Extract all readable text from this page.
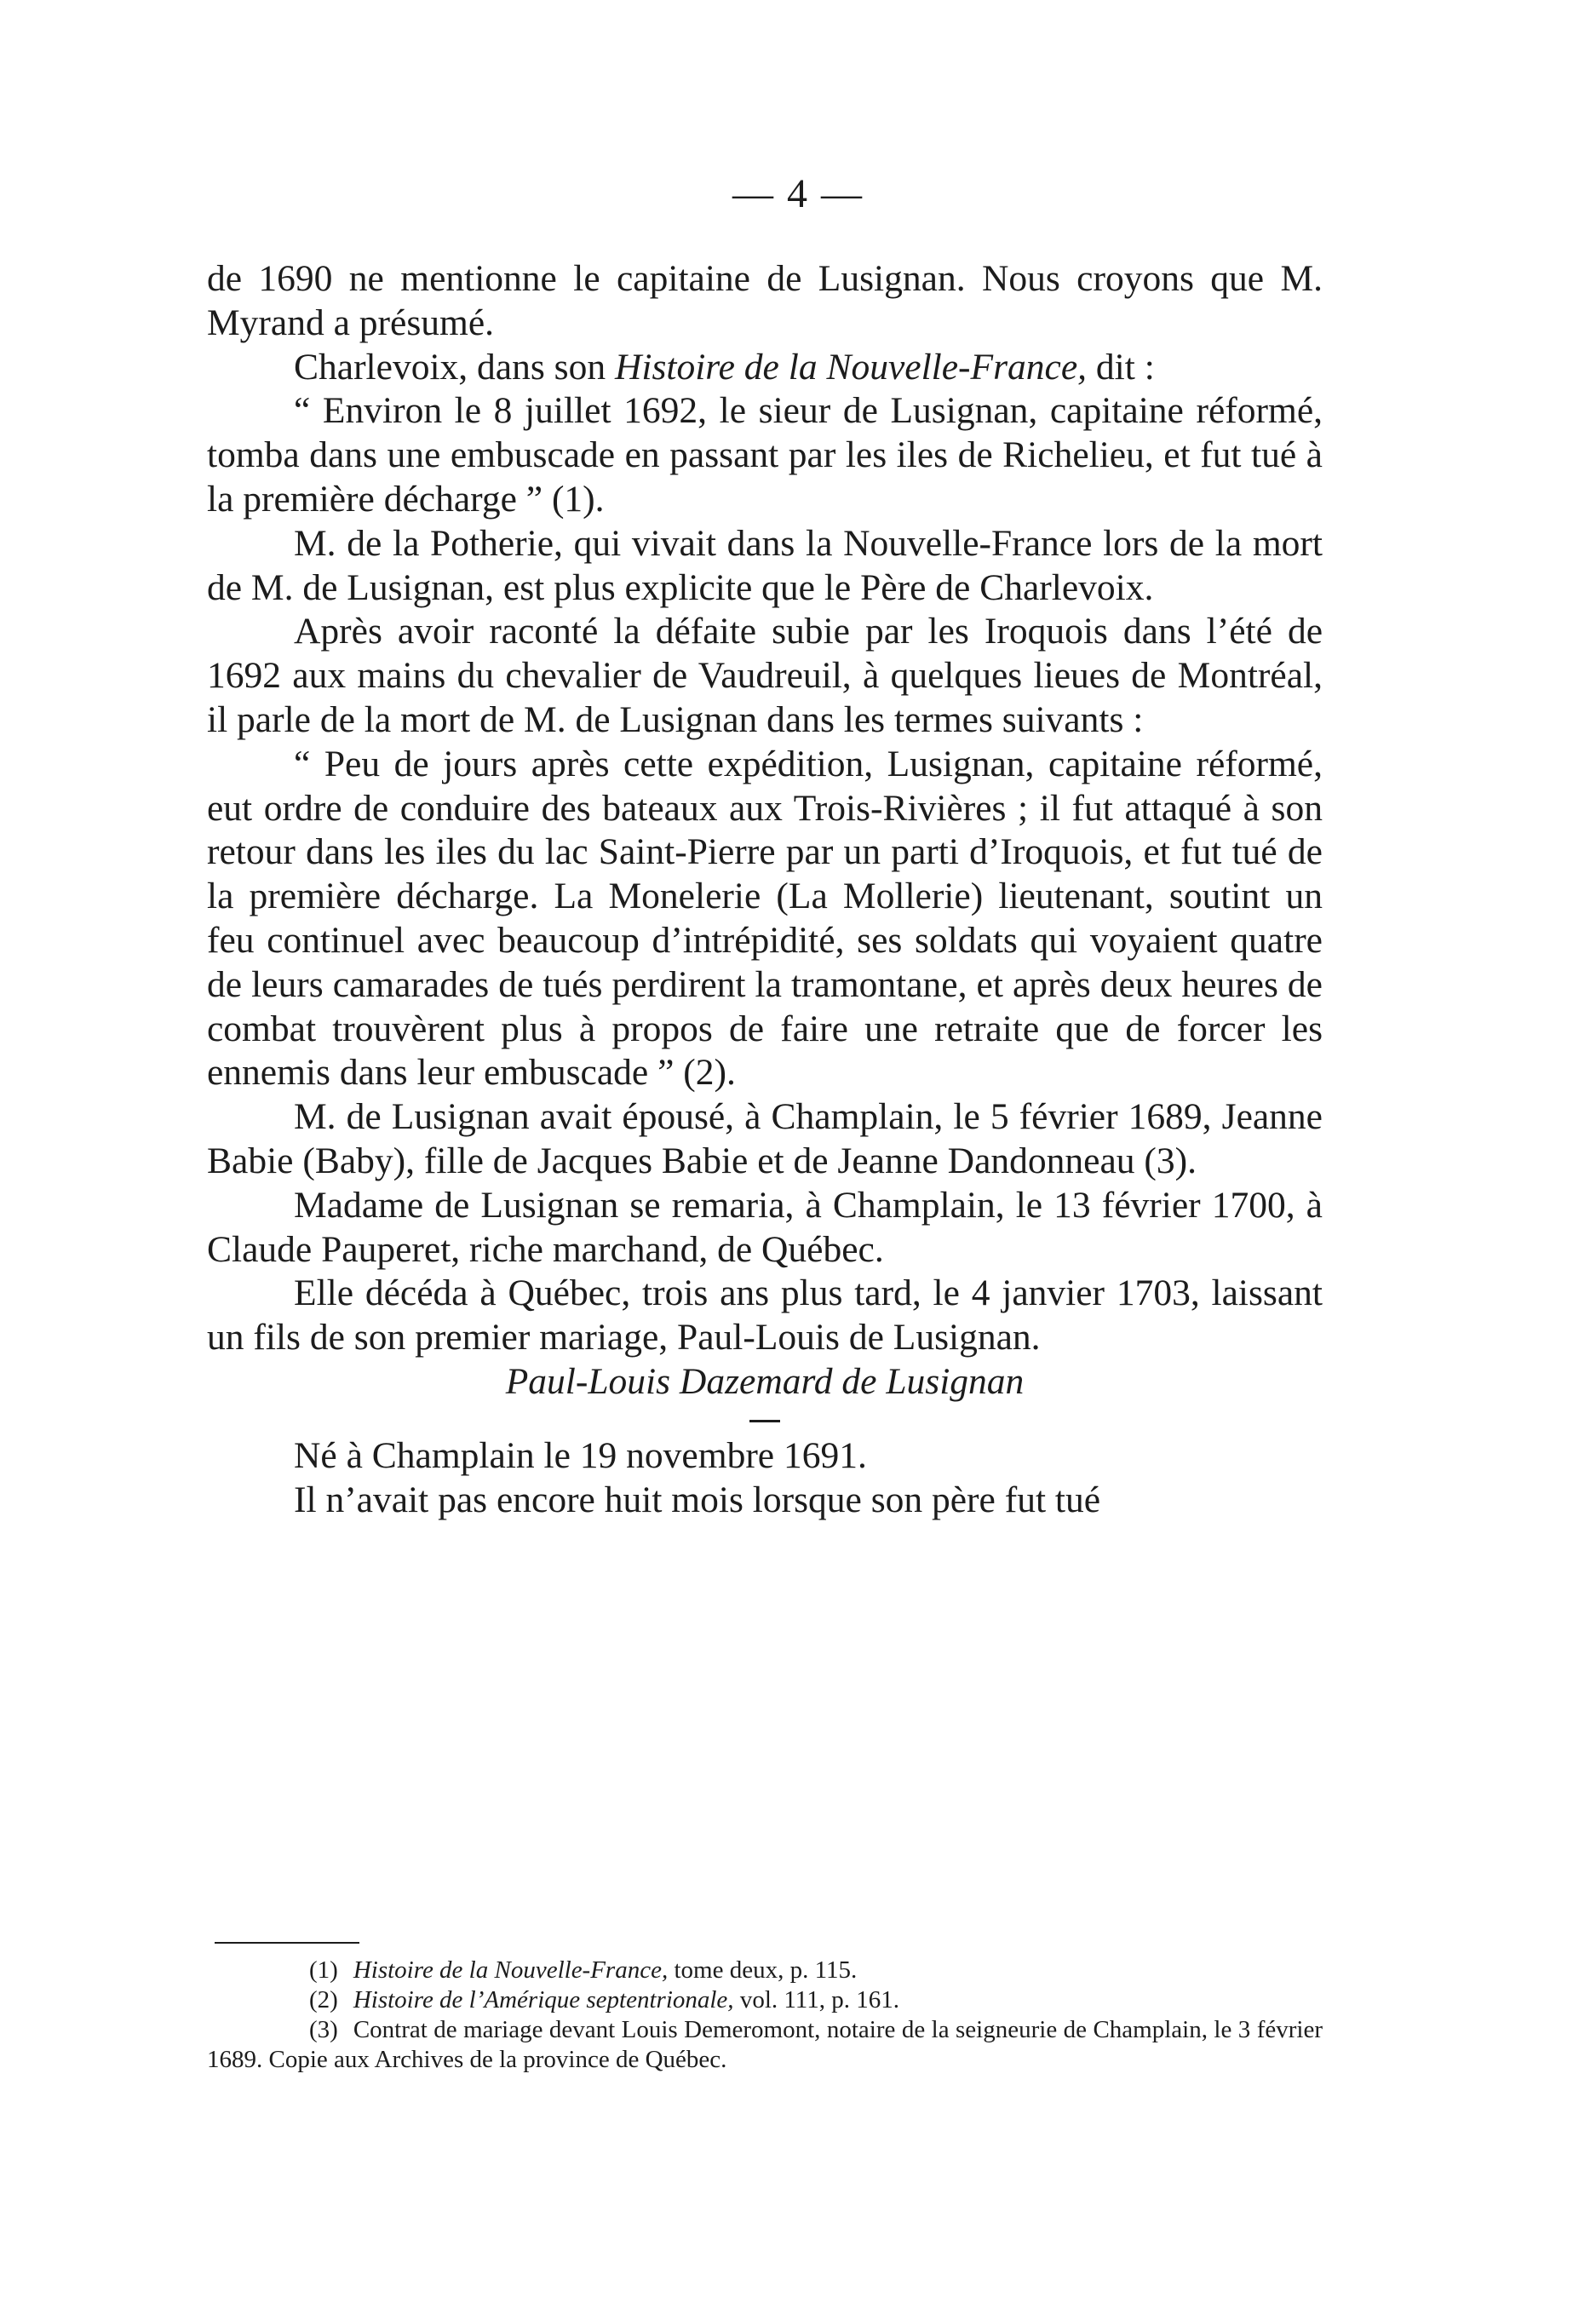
— 4 —

de 1690 ne mentionne le capitaine de Lusignan. Nous croyons que M. Myrand a présumé.

Charlevoix, dans son Histoire de la Nouvelle-France, dit :

“ Environ le 8 juillet 1692, le sieur de Lusignan, capitaine réformé, tomba dans une embuscade en passant par les iles de Richelieu, et fut tué à la première décharge ” (1).

M. de la Potherie, qui vivait dans la Nouvelle-France lors de la mort de M. de Lusignan, est plus explicite que le Père de Charlevoix.

Après avoir raconté la défaite subie par les Iroquois dans l’été de 1692 aux mains du chevalier de Vaudreuil, à quelques lieues de Montréal, il parle de la mort de M. de Lusignan dans les termes suivants :

“ Peu de jours après cette expédition, Lusignan, capitaine réformé, eut ordre de conduire des bateaux aux Trois-Rivières ; il fut attaqué à son retour dans les iles du lac Saint-Pierre par un parti d’Iroquois, et fut tué de la première décharge. La Monelerie (La Mollerie) lieutenant, soutint un feu continuel avec beaucoup d’intrépidité, ses soldats qui voyaient quatre de leurs camarades de tués perdirent la tramontane, et après deux heures de combat trouvèrent plus à propos de faire une retraite que de forcer les ennemis dans leur embuscade ” (2).

M. de Lusignan avait épousé, à Champlain, le 5 février 1689, Jeanne Babie (Baby), fille de Jacques Babie et de Jeanne Dandonneau (3).

Madame de Lusignan se remaria, à Champlain, le 13 février 1700, à Claude Pauperet, riche marchand, de Québec.

Elle décéda à Québec, trois ans plus tard, le 4 janvier 1703, laissant un fils de son premier mariage, Paul-Louis de Lusignan.

Paul-Louis Dazemard de Lusignan

Né à Champlain le 19 novembre 1691.

Il n’avait pas encore huit mois lorsque son père fut tué

(1) Histoire de la Nouvelle-France, tome deux, p. 115.

(2) Histoire de l’Amérique septentrionale, vol. 111, p. 161.

(3) Contrat de mariage devant Louis Demeromont, notaire de la seigneurie de Champlain, le 3 février 1689. Copie aux Archives de la province de Québec.
